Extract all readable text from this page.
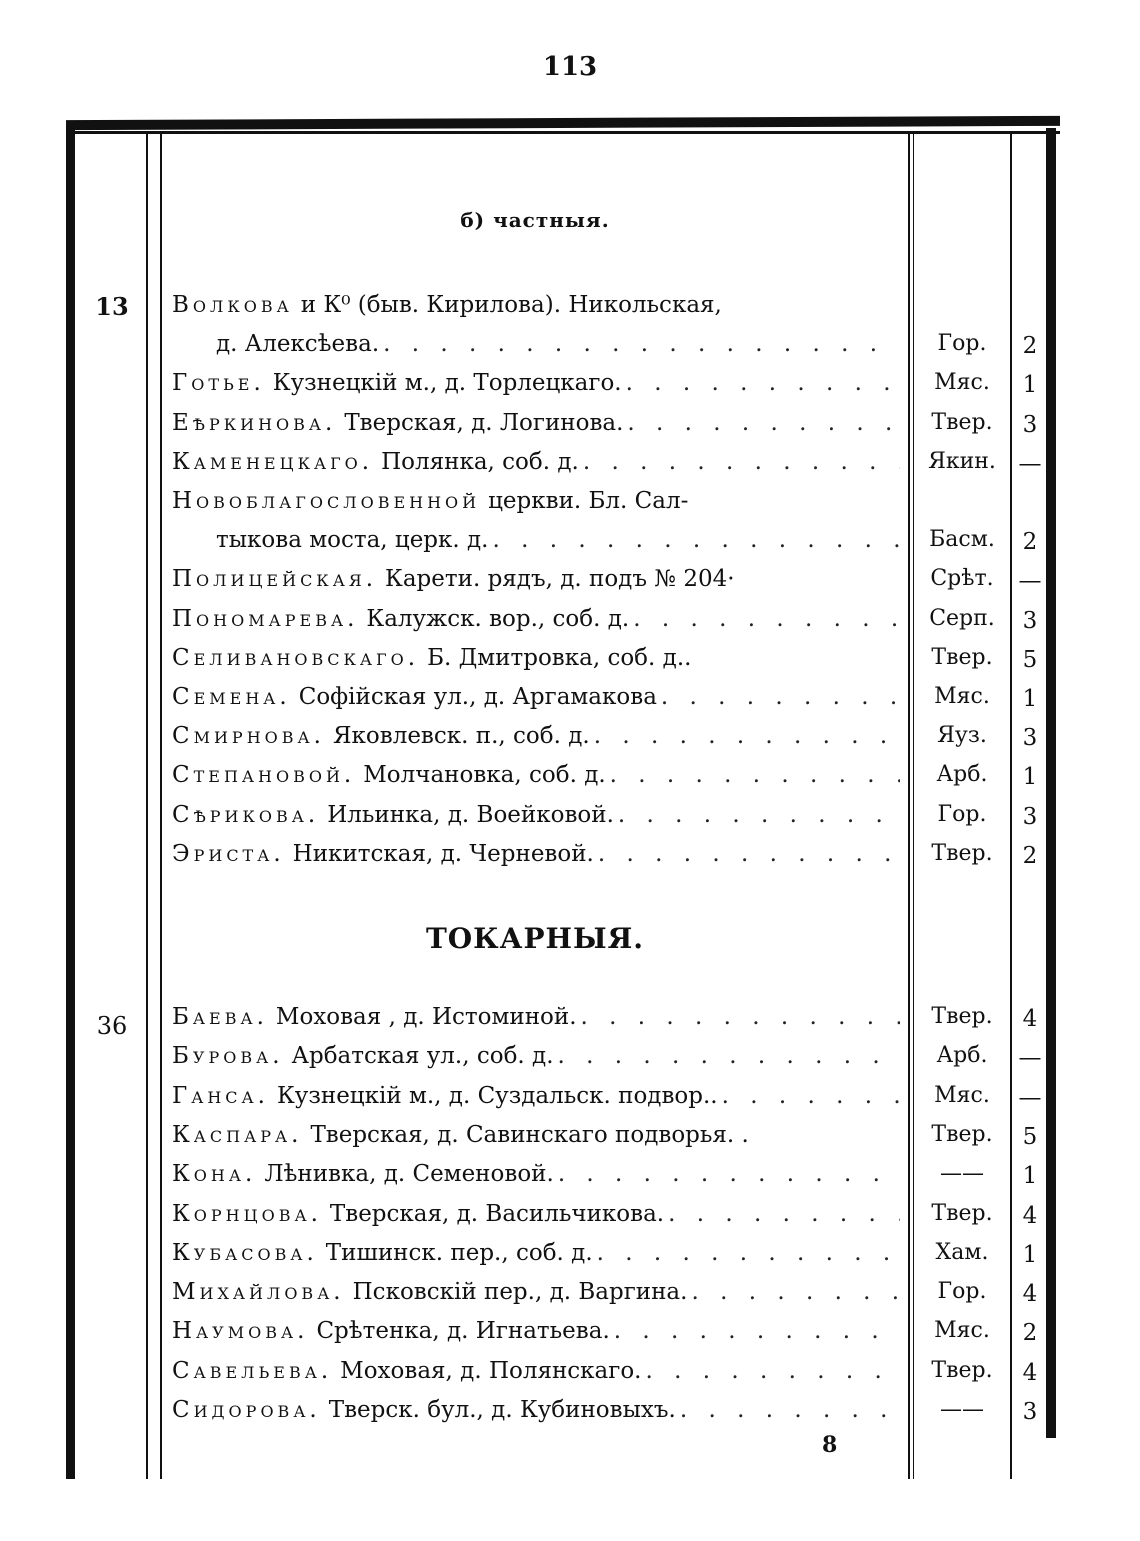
113
б) частныя.
13
ТОКАРНЫЯ.
36
Волкова и К⁰ (быв. Кирилова). Никольская,
д. Алексѣева. . . .	Гор.	2
Готье. Кузнецкій м., д. Торлецкаго. . . .	Мяс.	1
Еѣркинова. Тверская, д. Логинова. . . .	Твер.	3
Каменецкаго. Полянка, соб. д. . . .	Якин. —
Новоблагословенной церкви. Бл. Сал-
тыкова моста, церк. д. . . .	Басм.	2
Полицейская. Карети. рядъ, д. подъ № 204·	Срѣт.	—
Пономарева. Калужск. вор., соб. д. . . .	Серп.	3
Селивановскаго. Б. Дмитровка, соб. д..	Твер.	5
Семена. Софійская ул., д. Аргамакова . . .	Мяс.	1
Смирнова. Яковлевск. п., соб. д. . . .	Яуз.	3
Степановой. Молчановка, соб. д. . . .	Арб.	1
Сѣрикова. Ильинка, д. Воейковой. . . .	Гор.	3
Эриста. Никитская, д. Черневой. . . .	Твер.	2
Баева. Моховая , д. Истоминой. . . .	Твер.	4
Бурова. Арбатская ул., соб. д. . . .	Арб.	—
Ганса. Кузнецкій м., д. Суздальск. подвор.. . . .	Мяс.	—
Каспара. Тверская, д. Савинскаго подворья. .	Твер.	5
Кона. Лѣнивка, д. Семеновой. . . .	——	1
Корнцова. Тверская, д. Васильчикова. . . .	Твер.	4
Кубасова. Тишинск. пер., соб. д. . . .	Хам.	1
Михайлова. Псковскій пер., д. Варгина. . . .	Гор.	4
Наумова. Срѣтенка, д. Игнатьева. . . .	Мяс.	2
Савельева. Моховая, д. Полянскаго. . . .	Твер.	4
Сидорова. Тверск. бул., д. Кубиновыхъ. . . .	——	3
8
